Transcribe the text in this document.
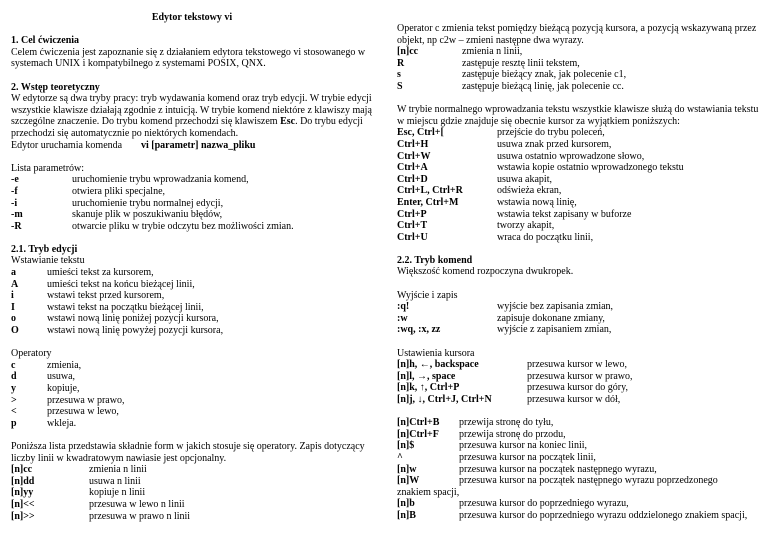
Edytor tekstowy vi
1. Cel ćwiczenia

Celem ćwiczenia jest zapoznanie się z działaniem edytora tekstowego vi stosowanego w systemach UNIX i kompatybilnego z systemami POSIX, QNX.

2. Wstęp teoretyczny

W edytorze są dwa tryby pracy: tryb wydawania komend oraz tryb edycji. W trybie edycji wszystkie klawisze działają zgodnie z intuicją. W trybie komend niektóre z klawiszy mają szczególne znaczenie. Do trybu komend przechodzi się klawiszem Esc. Do trybu edycji przechodzi się automatycznie po niektórych komendach.

Edytor uruchamia komenda	vi [parametr] nazwa_pliku
Lista parametrów:
-e	uruchomienie trybu wprowadzania komend,
-f	otwiera pliki specjalne,
-i	uruchomienie trybu normalnej edycji,
-m	skanuje plik w poszukiwaniu błędów,
-R	otwarcie pliku w trybie odczytu bez możliwości zmian.
2.1. Tryb edycji
Wstawianie tekstu
a	umieści tekst za kursorem,
A	umieści tekst na końcu bieżącej linii,
i	wstawi tekst przed kursorem,
I	wstawi tekst na początku bieżącej linii,
o	wstawi nową linię poniżej pozycji kursora,
O	wstawi nową linię powyżej pozycji kursora,
Operatory
c	zmienia,
d	usuwa,
y	kopiuje,
>	przesuwa w prawo,
<	przesuwa w lewo,
p	wkleja.

Poniższa lista przedstawia składnie form w jakich stosuje się operatory. Zapis dotyczący liczby linii w kwadratowym nawiasie jest opcjonalny.

[n]cc	zmienia n linii
[n]dd	usuwa n linii
[n]yy	kopiuje n linii
[n]<<	przesuwa w lewo n linii
[n]>>	przesuwa w prawo n linii

Operator c zmienia tekst pomiędzy bieżącą pozycją kursora, a pozycją wskazywaną przez objekt, np c2w – zmieni następne dwa wyrazy.

[n]cc	zmienia n linii,
R	zastępuje resztę linii tekstem,
s	zastępuje bieżący znak, jak polecenie c1,
S	zastępuje bieżącą linię, jak polecenie cc.

W trybie normalnego wprowadzania tekstu wszystkie klawisze służą do wstawiania tekstu w miejscu gdzie znajduje się obecnie kursor za wyjątkiem poniższych:

Esc, Ctrl+[	przejście do trybu poleceń,
Ctrl+H	usuwa znak przed kursorem,
Ctrl+W	usuwa ostatnio wprowadzone słowo,
Ctrl+A	wstawia kopie ostatnio wprowadzonego tekstu
Ctrl+D	usuwa akapit,
Ctrl+L, Ctrl+R	odświeża ekran,
Enter, Ctrl+M	wstawia nową linię,
Ctrl+P	wstawia tekst zapisany w buforze
Ctrl+T	tworzy akapit,
Ctrl+U	wraca do początku linii,
2.2. Tryb komend
Większość komend rozpoczyna dwukropek.
Wyjście i zapis
:q!	wyjście bez zapisania zmian,
:w	zapisuje dokonane zmiany,
:wq, :x, zz	wyjście z zapisaniem zmian,
Ustawienia kursora
[n]h, ←, backspace	przesuwa kursor w lewo,
[n]l, →, space	przesuwa kursor w prawo,
[n]k, ↑, Ctrl+P	przesuwa kursor do góry,
[n]j, ↓, Ctrl+J, Ctrl+N	przesuwa kursor w dół,
[n]Ctrl+B	przewija stronę do tyłu,
[n]Ctrl+F	przewija stronę do przodu,
[n]$	przesuwa kursor na koniec linii,
^	przesuwa kursor na początek linii,
[n]w	przesuwa kursor na początek następnego wyrazu,
[n]W	przesuwa kursor na początek następnego wyrazu poprzedzonego
znakiem spacji,
[n]b	przesuwa kursor do poprzedniego wyrazu,
[n]B	przesuwa kursor do poprzedniego wyrazu oddzielonego znakiem spacji,
